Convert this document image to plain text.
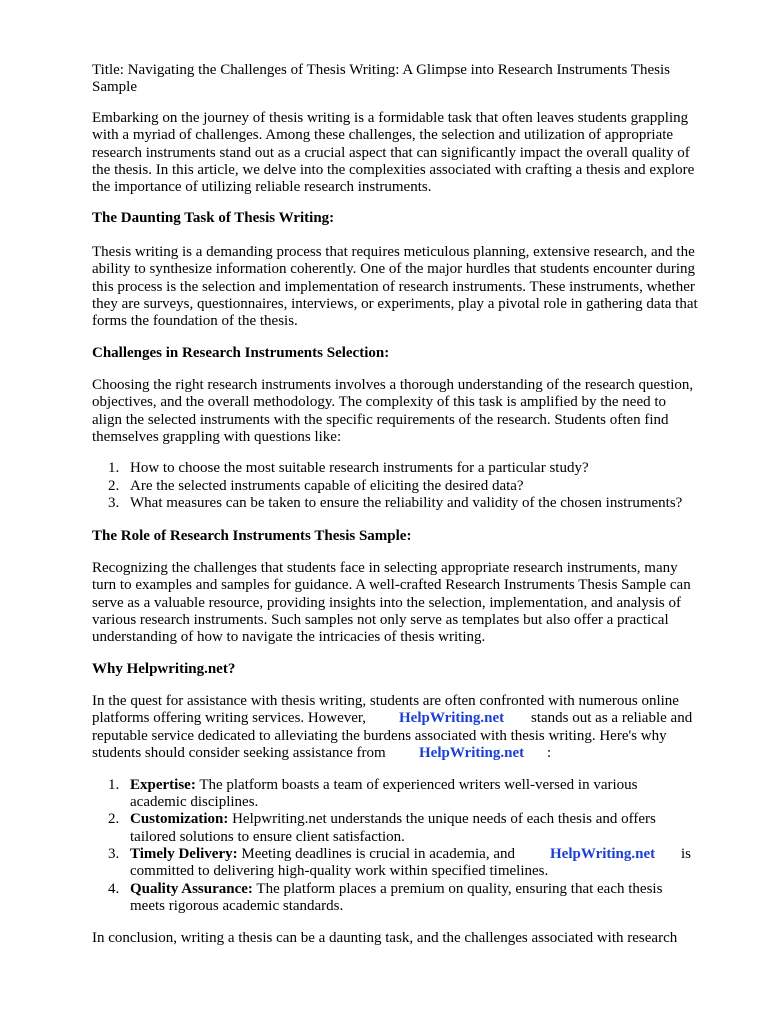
Title: Navigating the Challenges of Thesis Writing: A Glimpse into Research Instruments Thesis
Sample
Embarking on the journey of thesis writing is a formidable task that often leaves students grappling
with a myriad of challenges. Among these challenges, the selection and utilization of appropriate
research instruments stand out as a crucial aspect that can significantly impact the overall quality of
the thesis. In this article, we delve into the complexities associated with crafting a thesis and explore
the importance of utilizing reliable research instruments.
The Daunting Task of Thesis Writing:
Thesis writing is a demanding process that requires meticulous planning, extensive research, and the
ability to synthesize information coherently. One of the major hurdles that students encounter during
this process is the selection and implementation of research instruments. These instruments, whether
they are surveys, questionnaires, interviews, or experiments, play a pivotal role in gathering data that
forms the foundation of the thesis.
Challenges in Research Instruments Selection:
Choosing the right research instruments involves a thorough understanding of the research question,
objectives, and the overall methodology. The complexity of this task is amplified by the need to
align the selected instruments with the specific requirements of the research. Students often find
themselves grappling with questions like:
1. How to choose the most suitable research instruments for a particular study?
2. Are the selected instruments capable of eliciting the desired data?
3. What measures can be taken to ensure the reliability and validity of the chosen instruments?
The Role of Research Instruments Thesis Sample:
Recognizing the challenges that students face in selecting appropriate research instruments, many
turn to examples and samples for guidance. A well-crafted Research Instruments Thesis Sample can
serve as a valuable resource, providing insights into the selection, implementation, and analysis of
various research instruments. Such samples not only serve as templates but also offer a practical
understanding of how to navigate the intricacies of thesis writing.
Why Helpwriting.net?
In the quest for assistance with thesis writing, students are often confronted with numerous online
platforms offering writing services. However, HelpWriting.net stands out as a reliable and
reputable service dedicated to alleviating the burdens associated with thesis writing. Here's why
students should consider seeking assistance from HelpWriting.net :
1. Expertise: The platform boasts a team of experienced writers well-versed in various
academic disciplines.
2. Customization: Helpwriting.net understands the unique needs of each thesis and offers
tailored solutions to ensure client satisfaction.
3. Timely Delivery: Meeting deadlines is crucial in academia, and HelpWriting.net is
committed to delivering high-quality work within specified timelines.
4. Quality Assurance: The platform places a premium on quality, ensuring that each thesis
meets rigorous academic standards.
In conclusion, writing a thesis can be a daunting task, and the challenges associated with research
